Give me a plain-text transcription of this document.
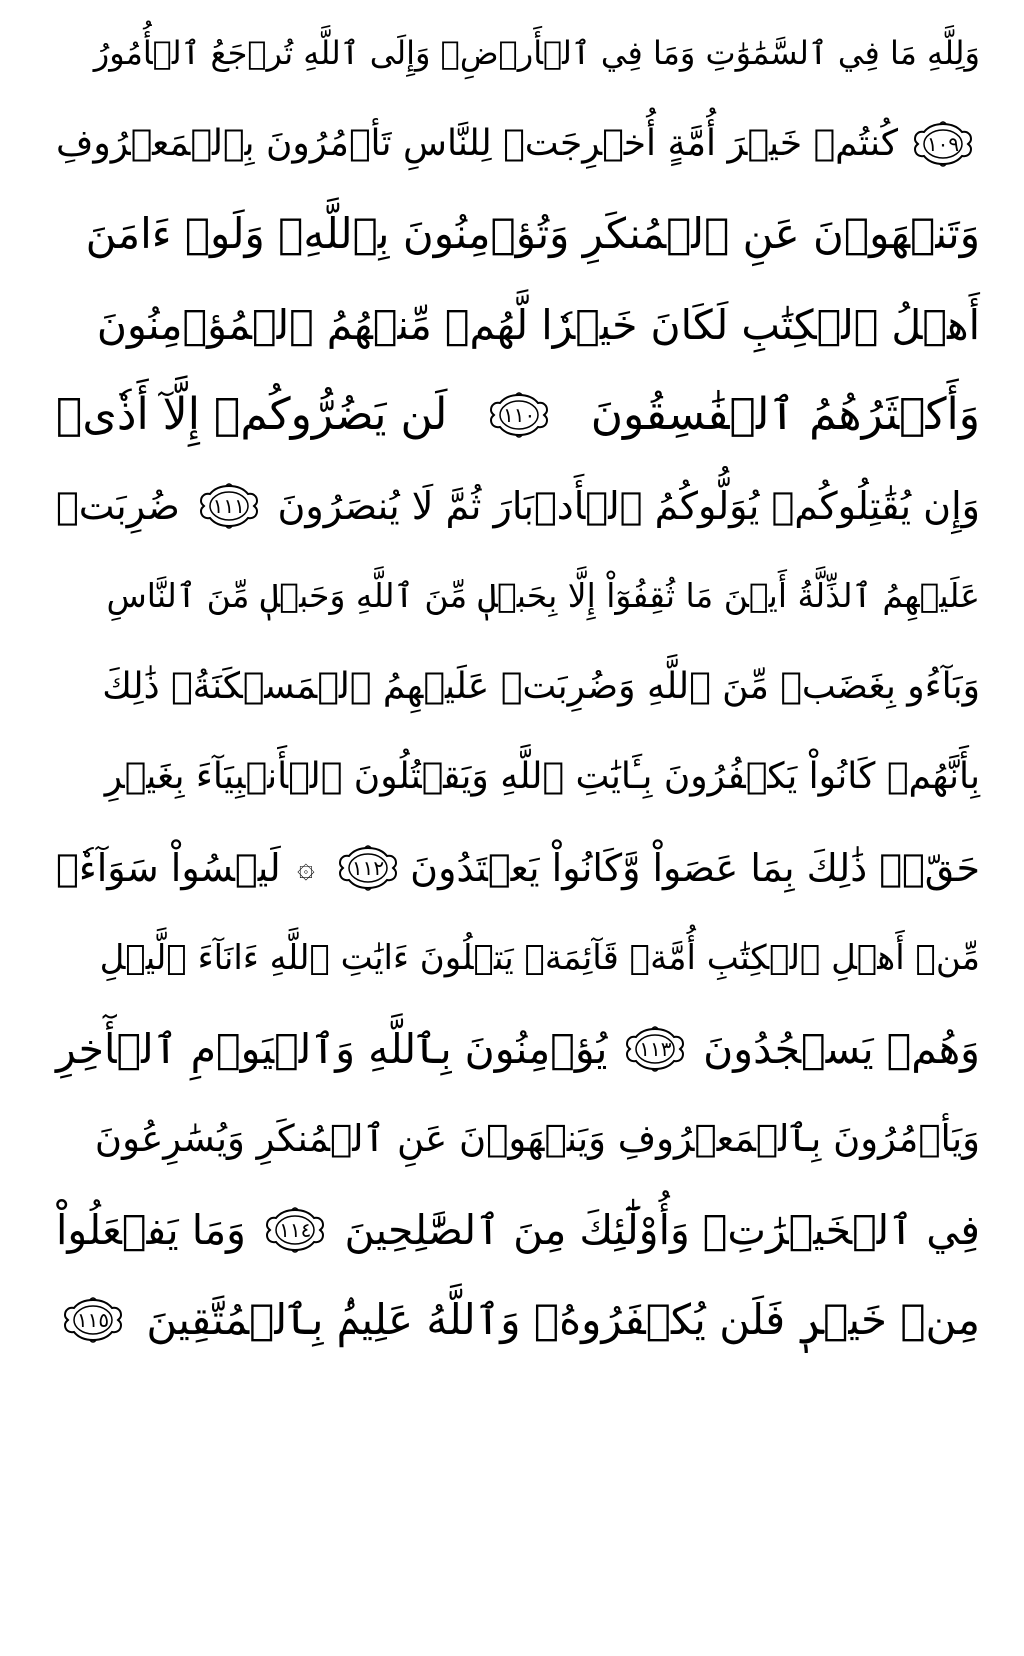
وَلِلَّهِ مَا فِي ٱلسَّمَٰوَٰتِ وَمَا فِي ٱلۡأَرۡضِۚ وَإِلَى ٱللَّهِ تُرۡجَعُ ٱلۡأُمُورُ
١٠٩
كُنتُمۡ خَيۡرَ أُمَّةٍ أُخۡرِجَتۡ لِلنَّاسِ تَأۡمُرُونَ بِٱلۡمَعۡرُوفِ
وَتَنۡهَوۡنَ عَنِ ٱلۡمُنكَرِ وَتُؤۡمِنُونَ بِٱللَّهِۗ وَلَوۡ ءَامَنَ
أَهۡلُ ٱلۡكِتَٰبِ لَكَانَ خَيۡرٗا لَّهُمۚ مِّنۡهُمُ ٱلۡمُؤۡمِنُونَ
وَأَكۡثَرُهُمُ ٱلۡفَٰسِقُونَ
١١٠
لَن يَضُرُّوكُمۡ إِلَّآ أَذٗىۖ
وَإِن يُقَٰتِلُوكُمۡ يُوَلُّوكُمُ ٱلۡأَدۡبَارَ ثُمَّ لَا يُنصَرُونَ
١١١
ضُرِبَتۡ
عَلَيۡهِمُ ٱلذِّلَّةُ أَيۡنَ مَا ثُقِفُوٓاْ إِلَّا بِحَبۡلٖ مِّنَ ٱللَّهِ وَحَبۡلٖ مِّنَ ٱلنَّاسِ
وَبَآءُو بِغَضَبٖ مِّنَ ٱللَّهِ وَضُرِبَتۡ عَلَيۡهِمُ ٱلۡمَسۡكَنَةُۚ ذَٰلِكَ
بِأَنَّهُمۡ كَانُواْ يَكۡفُرُونَ بِـَٔايَٰتِ ٱللَّهِ وَيَقۡتُلُونَ ٱلۡأَنۢبِيَآءَ بِغَيۡرِ
حَقّٖۚ ذَٰلِكَ بِمَا عَصَواْ وَّكَانُواْ يَعۡتَدُونَ
١١٢
۞
لَيۡسُواْ سَوَآءٗۗ
مِّنۡ أَهۡلِ ٱلۡكِتَٰبِ أُمَّةٞ قَآئِمَةٞ يَتۡلُونَ ءَايَٰتِ ٱللَّهِ ءَانَآءَ ٱلَّيۡلِ
وَهُمۡ يَسۡجُدُونَ
١١٣
يُؤۡمِنُونَ بِٱللَّهِ وَٱلۡيَوۡمِ ٱلۡأٓخِرِ
وَيَأۡمُرُونَ بِٱلۡمَعۡرُوفِ وَيَنۡهَوۡنَ عَنِ ٱلۡمُنكَرِ وَيُسَٰرِعُونَ
فِي ٱلۡخَيۡرَٰتِۖ وَأُوْلَٰٓئِكَ مِنَ ٱلصَّٰلِحِينَ
١١٤
وَمَا يَفۡعَلُواْ
مِنۡ خَيۡرٖ فَلَن يُكۡفَرُوهُۗ وَٱللَّهُ عَلِيمُۢ بِٱلۡمُتَّقِينَ
١١٥
